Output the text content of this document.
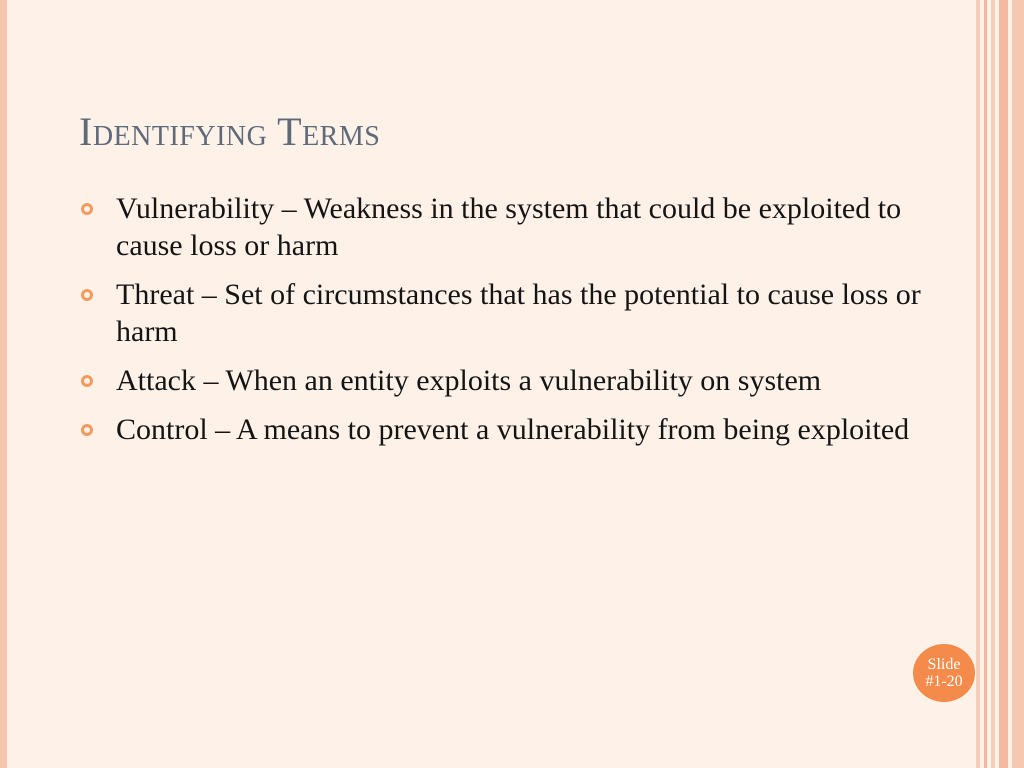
Identifying Terms
Vulnerability – Weakness in the system that could be exploited to cause loss or harm
Threat – Set of circumstances that has the potential to cause loss or harm
Attack – When an entity exploits a vulnerability on system
Control – A means to prevent a vulnerability from being exploited
Slide
#1-20
